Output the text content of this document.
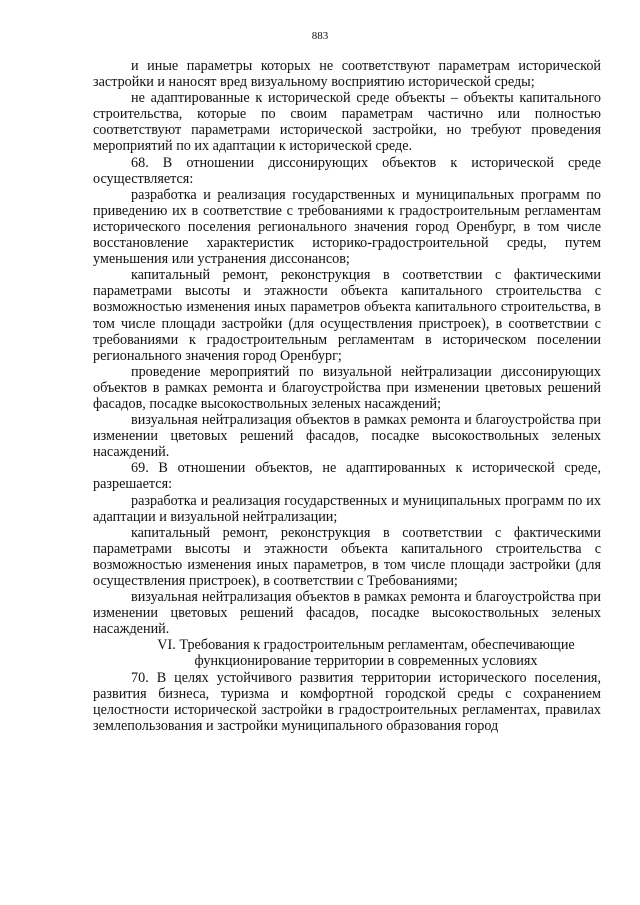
883

и иные параметры которых не соответствуют параметрам исторической застройки и наносят вред визуальному восприятию исторической среды;

не адаптированные к исторической среде объекты – объекты капитального строительства, которые по своим параметрам частично или полностью соответствуют параметрами исторической застройки, но требуют проведения мероприятий по их адаптации к исторической среде.

68. В отношении диссонирующих объектов к исторической среде осуществляется:

разработка и реализация государственных и муниципальных программ по приведению их в соответствие с требованиями к градостроительным регламентам исторического поселения регионального значения город Оренбург, в том числе восстановление характеристик историко-градостроительной среды, путем уменьшения или устранения диссонансов;

капитальный ремонт, реконструкция в соответствии с фактическими параметрами высоты и этажности объекта капитального строительства с возможностью изменения иных параметров объекта капитального строительства, в том числе площади застройки (для осуществления пристроек), в соответствии с требованиями к градостроительным регламентам в историческом поселении регионального значения город Оренбург;

проведение мероприятий по визуальной нейтрализации диссонирующих объектов в рамках ремонта и благоустройства при изменении цветовых решений фасадов, посадке высокоствольных зеленых насаждений;

визуальная нейтрализация объектов в рамках ремонта и благоустройства при изменении цветовых решений фасадов, посадке высокоствольных зеленых насаждений.

69. В отношении объектов, не адаптированных к исторической среде, разрешается:

разработка и реализация государственных и муниципальных программ по их адаптации и визуальной нейтрализации;

капитальный ремонт, реконструкция в соответствии с фактическими параметрами высоты и этажности объекта капитального строительства с возможностью изменения иных параметров, в том числе площади застройки (для осуществления пристроек), в соответствии с Требованиями;

визуальная нейтрализация объектов в рамках ремонта и благоустройства при изменении цветовых решений фасадов, посадке высокоствольных зеленых насаждений.

VI. Требования к градостроительным регламентам, обеспечивающие
функционирование территории в современных условиях

70. В целях устойчивого развития территории исторического поселения, развития бизнеса, туризма и комфортной городской среды с сохранением целостности исторической застройки в градостроительных регламентах, правилах землепользования и застройки муниципального образования город
